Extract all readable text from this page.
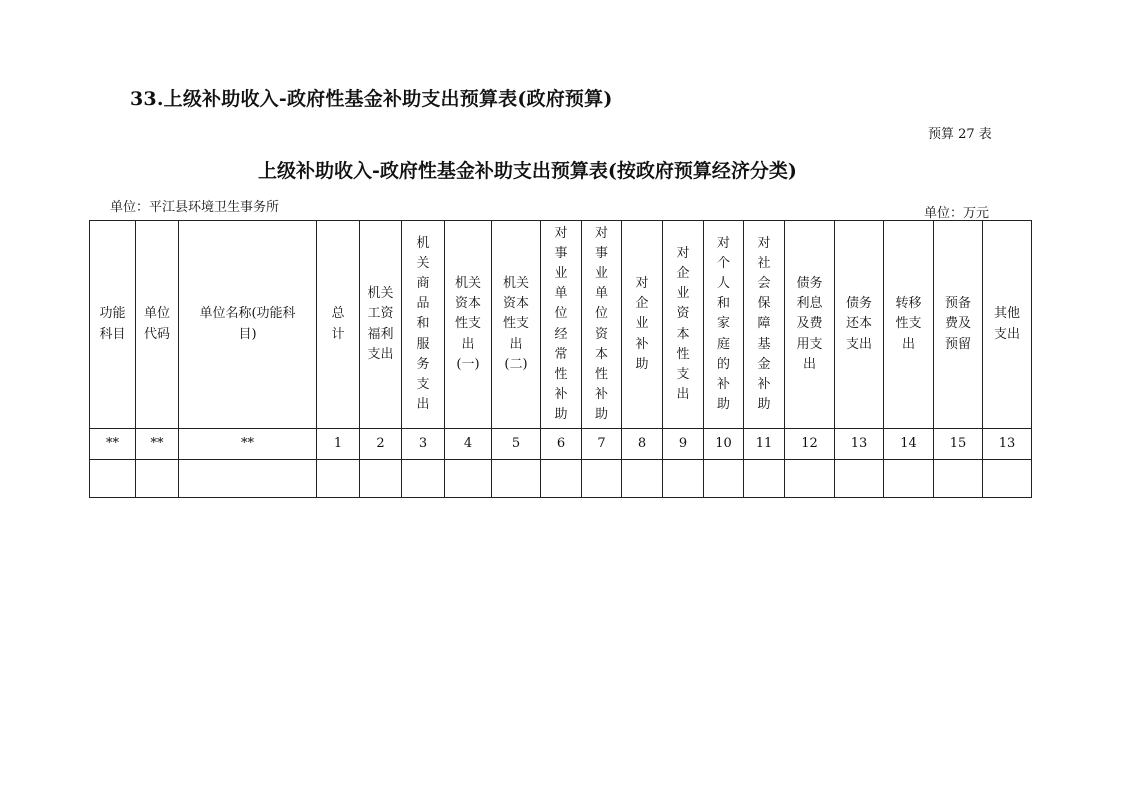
33.上级补助收入-政府性基金补助支出预算表(政府预算)
预算 27 表
上级补助收入-政府性基金补助支出预算表(按政府预算经济分类)
单位：平江县环境卫生事务所	单位：万元
功能科目	单位代码	单位名称(功能科目)	总计	机关工资福利支出	机关商品和服务支出	机关资本性支出(一)	机关资本性支出(二)	对事业单位经常性补助	对事业单位资本性补助	对企业补助	对企业资本性支出	对个人和家庭的补助	对社会保障基金补助	债务利息及费用支出	债务还本支出	转移性支出	预备费及预留	其他支出
**	**	**	1	2	3	4	5	6	7	8	9	10	11	12	13	14	15	13
